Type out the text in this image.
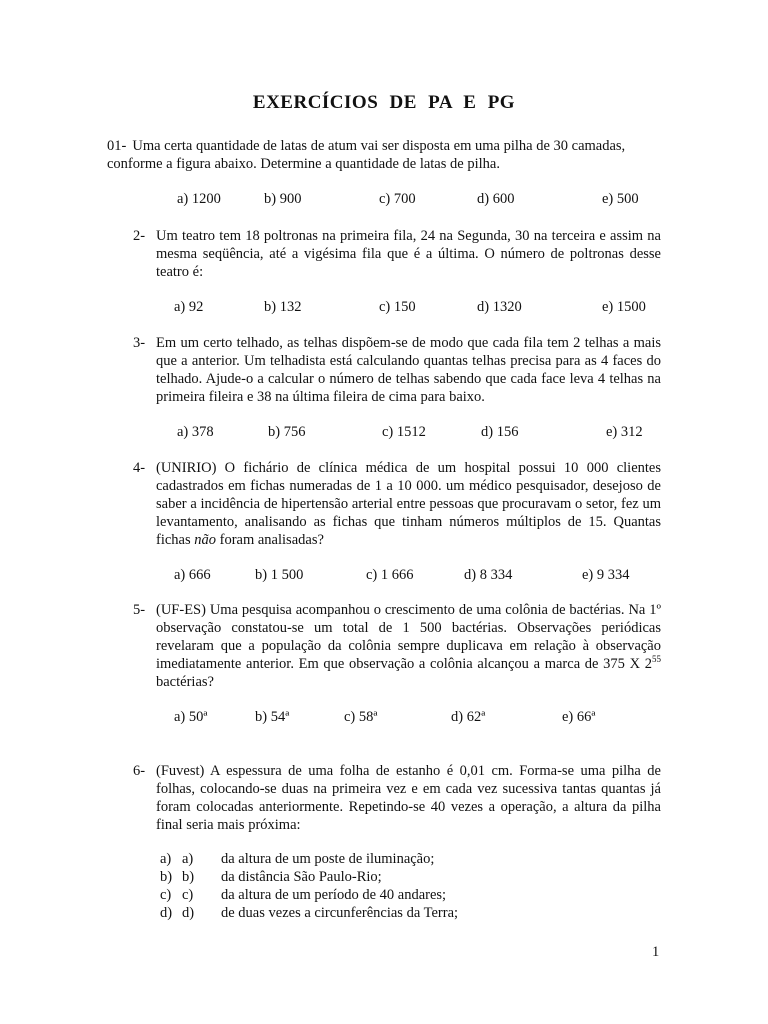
EXERCÍCIOS DE PA E PG
01- Uma certa quantidade de latas de atum vai ser disposta em uma pilha de 30 camadas, conforme a figura abaixo. Determine a quantidade de latas de pilha.
a) 1200	b) 900	c) 700	d) 600	e) 500
2- Um teatro tem 18 poltronas na primeira fila, 24 na Segunda, 30 na terceira e assim na mesma seqüência, até a vigésima fila que é a última. O número de poltronas desse teatro é:
a) 92	b) 132	c) 150	d) 1320	e) 1500
3- Em um certo telhado, as telhas dispõem-se de modo que cada fila tem 2 telhas a mais que a anterior. Um telhadista está calculando quantas telhas precisa para as 4 faces do telhado. Ajude-o a calcular o número de telhas sabendo que cada face leva 4 telhas na primeira fileira e 38 na última fileira de cima para baixo.
a) 378	b) 756	c) 1512	d) 156	e) 312
4- (UNIRIO) O fichário de clínica médica de um hospital possui 10 000 clientes cadastrados em fichas numeradas de 1 a 10 000. um médico pesquisador, desejoso de saber a incidência de hipertensão arterial entre pessoas que procuravam o setor, fez um levantamento, analisando as fichas que tinham números múltiplos de 15. Quantas fichas não foram analisadas?
a) 666	b) 1 500	c) 1 666	d) 8 334	e) 9 334
5- (UF-ES) Uma pesquisa acompanhou o crescimento de uma colônia de bactérias. Na 1º observação constatou-se um total de 1 500 bactérias. Observações periódicas revelaram que a população da colônia sempre duplicava em relação à observação imediatamente anterior. Em que observação a colônia alcançou a marca de 375 X $2^{55}$ bactérias?
a) 50ª	b) 54ª	c) 58ª	d) 62ª	e) 66ª
6- (Fuvest) A espessura de uma folha de estanho é 0,01 cm. Forma-se uma pilha de folhas, colocando-se duas na primeira vez e em cada vez sucessiva tantas quantas já foram colocadas anteriormente. Repetindo-se 40 vezes a operação, a altura da pilha final seria mais próxima:
a) a) da altura de um poste de iluminação;
b) b) da distância São Paulo-Rio;
c) c) da altura de um período de 40 andares;
d) d) de duas vezes a circunferências da Terra;
1
